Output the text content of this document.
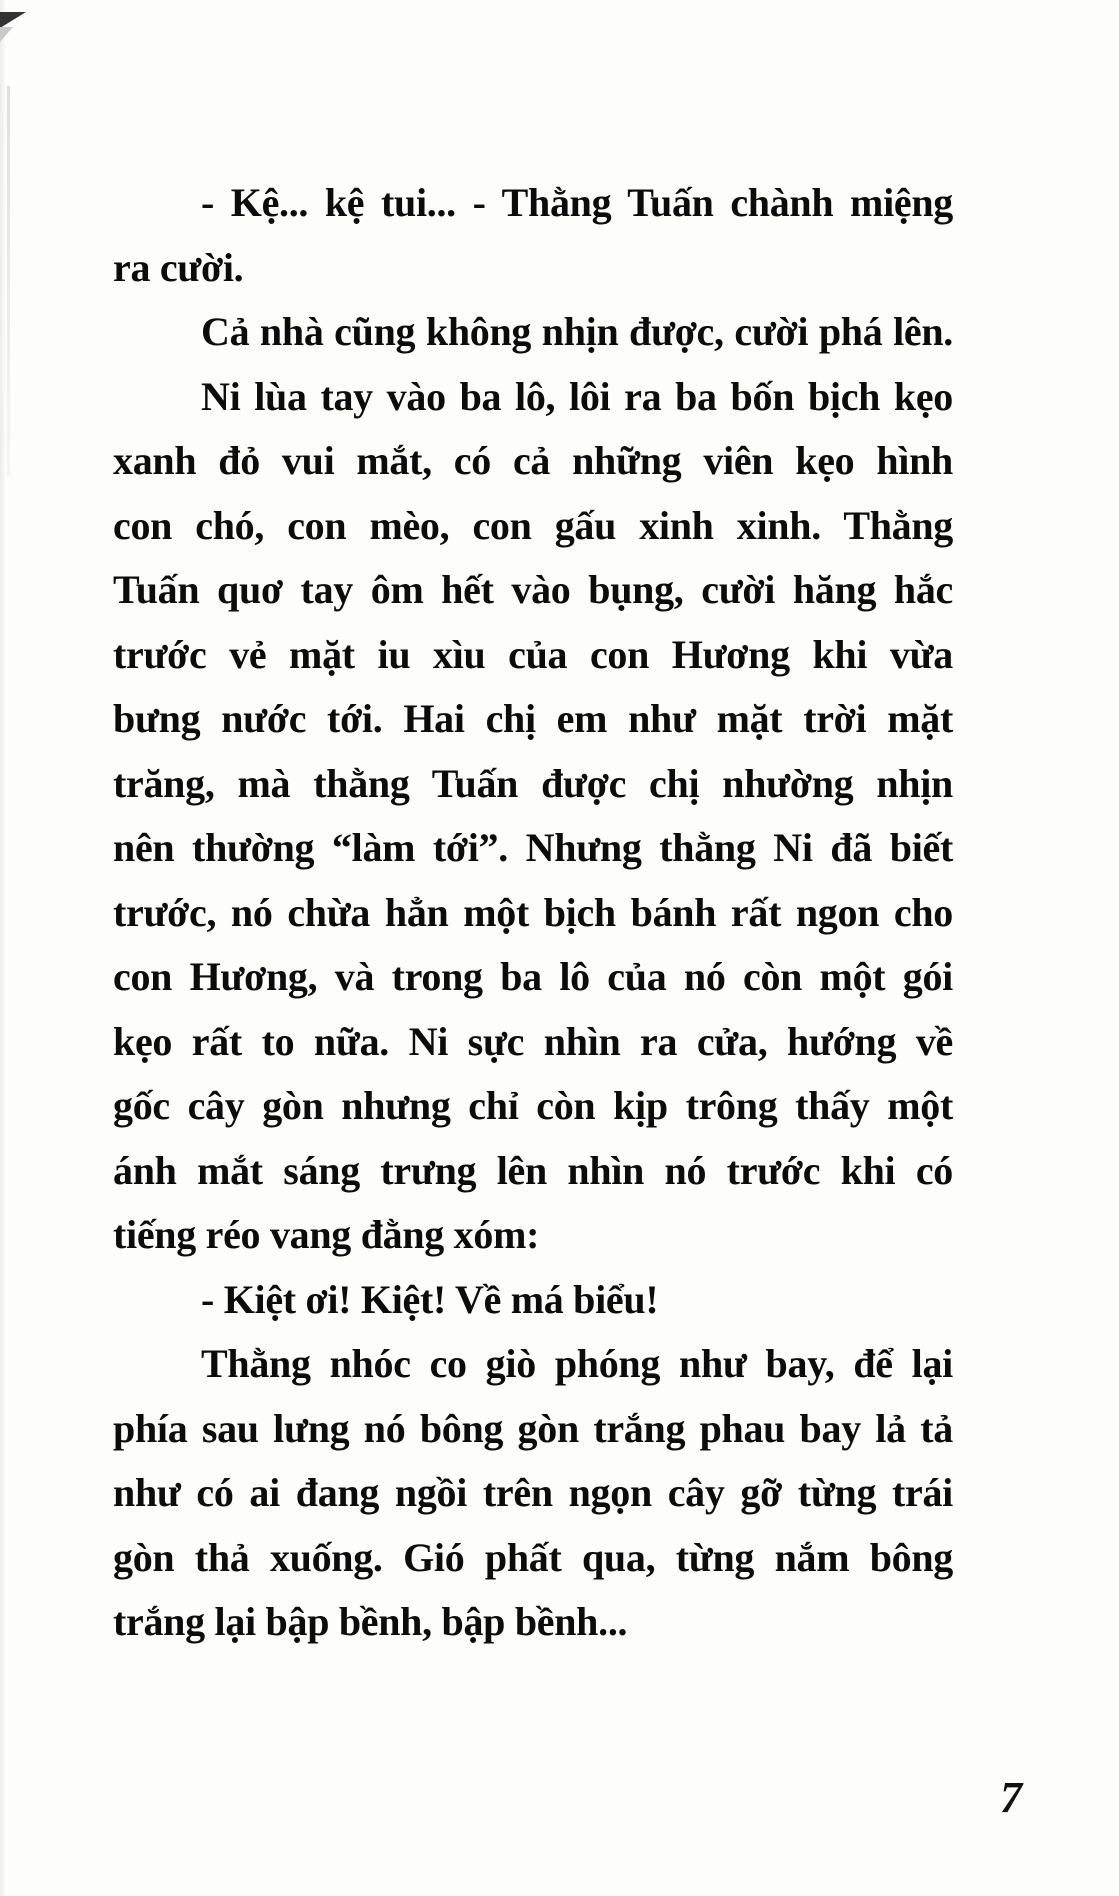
- Kệ... kệ tui... - Thằng Tuấn chành miệng
ra cười.
Cả nhà cũng không nhịn được, cười phá lên.
Ni lùa tay vào ba lô, lôi ra ba bốn bịch kẹo
xanh đỏ vui mắt, có cả những viên kẹo hình
con chó, con mèo, con gấu xinh xinh. Thằng
Tuấn quơ tay ôm hết vào bụng, cười hăng hắc
trước vẻ mặt iu xìu của con Hương khi vừa
bưng nước tới. Hai chị em như mặt trời mặt
trăng, mà thằng Tuấn được chị nhường nhịn
nên thường “làm tới”. Nhưng thằng Ni đã biết
trước, nó chừa hẳn một bịch bánh rất ngon cho
con Hương, và trong ba lô của nó còn một gói
kẹo rất to nữa. Ni sực nhìn ra cửa, hướng về
gốc cây gòn nhưng chỉ còn kịp trông thấy một
ánh mắt sáng trưng lên nhìn nó trước khi có
tiếng réo vang đằng xóm:
- Kiệt ơi! Kiệt! Về má biểu!
Thằng nhóc co giò phóng như bay, để lại
phía sau lưng nó bông gòn trắng phau bay lả tả
như có ai đang ngồi trên ngọn cây gỡ từng trái
gòn thả xuống. Gió phất qua, từng nắm bông
trắng lại bập bềnh, bập bềnh...
7
